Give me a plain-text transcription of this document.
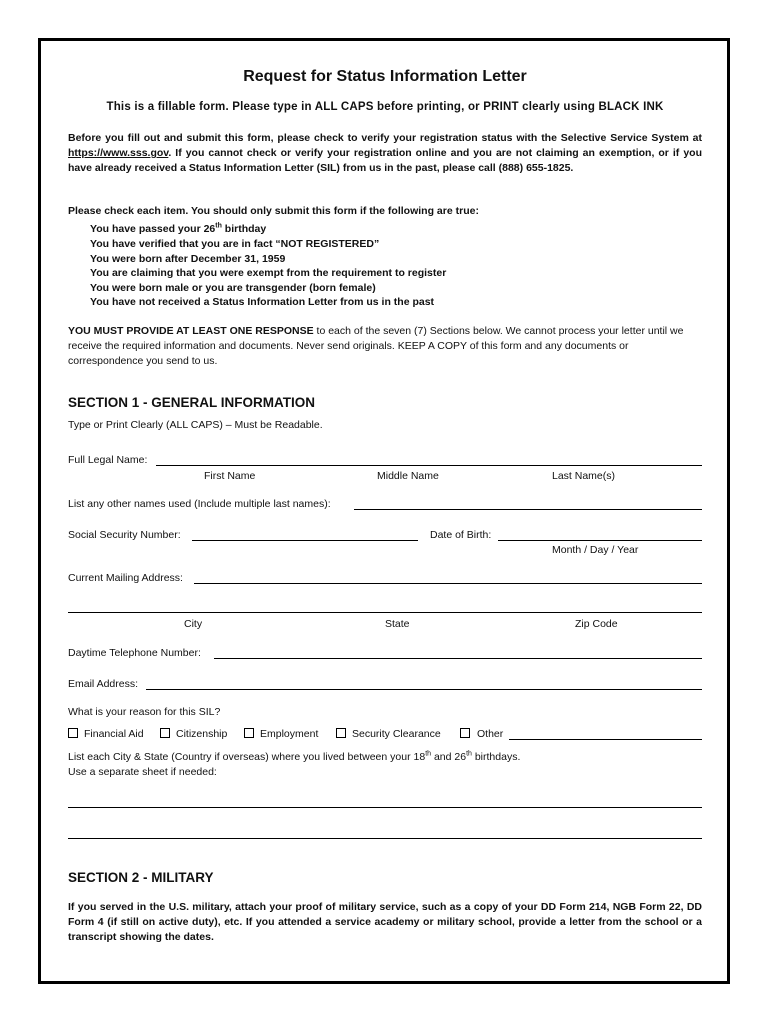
Request for Status Information Letter
This is a fillable form. Please type in ALL CAPS before printing, or PRINT clearly using BLACK INK
Before you fill out and submit this form, please check to verify your registration status with the Selective Service System at https://www.sss.gov. If you cannot check or verify your registration online and you are not claiming an exemption, or if you have already received a Status Information Letter (SIL) from us in the past, please call (888) 655-1825.
Please check each item. You should only submit this form if the following are true:
You have passed your 26th birthday
You have verified that you are in fact “NOT REGISTERED”
You were born after December 31, 1959
You are claiming that you were exempt from the requirement to register
You were born male or you are transgender (born female)
You have not received a Status Information Letter from us in the past
YOU MUST PROVIDE AT LEAST ONE RESPONSE to each of the seven (7) Sections below. We cannot process your letter until we receive the required information and documents. Never send originals. KEEP A COPY of this form and any documents or correspondence you send to us.
SECTION 1 - GENERAL INFORMATION
Type or Print Clearly (ALL CAPS) – Must be Readable.
Full Legal Name:
First Name	Middle Name	Last Name(s)
List any other names used (Include multiple last names):
Social Security Number:	Date of Birth:
Month / Day / Year
Current Mailing Address:
City	State	Zip Code
Daytime Telephone Number:
Email Address:
What is your reason for this SIL?
Financial Aid	Citizenship	Employment	Security Clearance	Other
List each City & State (Country if overseas) where you lived between your 18th and 26th birthdays.
Use a separate sheet if needed:
SECTION 2 - MILITARY
If you served in the U.S. military, attach your proof of military service, such as a copy of your DD Form 214, NGB Form 22, DD Form 4 (if still on active duty), etc. If you attended a service academy or military school, provide a letter from the school or a transcript showing the dates.
